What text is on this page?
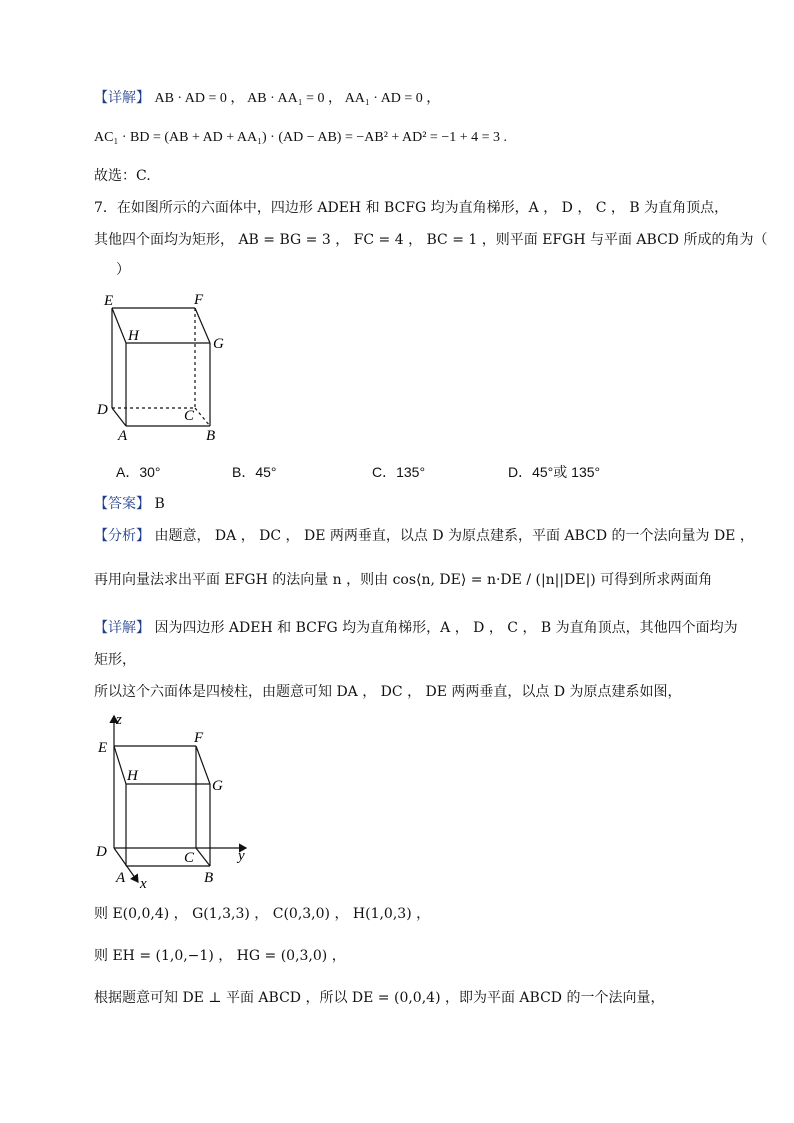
【详解】 AB · AD = 0 ， AB · AA₁ = 0 ， AA₁ · AD = 0 ，
AC₁ · BD = (AB + AD + AA₁) · (AD − AB) = −AB² + AD² = −1 + 4 = 3 .
故选：C.
7．在如图所示的六面体中，四边形 ADEH 和 BCFG 均为直角梯形，A ， D ， C ， B 为直角顶点，
其他四个面均为矩形， AB = BG = 3 ， FC = 4 ， BC = 1 ，则平面 EFGH 与平面 ABCD 所成的角为（
）
E	F
H	G
D	C
A	B
A．30°	B．45°	C．135°	D．45°或 135°
【答案】 B
【分析】 由题意， DA ， DC ， DE 两两垂直，以点 D 为原点建系，平面 ABCD 的一个法向量为 DE ，
再用向量法求出平面 EFGH 的法向量 n ，则由 cos⟨n, DE⟩ = n·DE / (|n||DE|) 可得到所求两面角
【详解】 因为四边形 ADEH 和 BCFG 均为直角梯形，A ， D ， C ， B 为直角顶点，其他四个面均为
矩形，
所以这个六面体是四棱柱，由题意可知 DA ， DC ， DE 两两垂直，以点 D 为原点建系如图，
z
E
F
H
G
D	C	y
A x	B
则 E(0,0,4) ， G(1,3,3) ， C(0,3,0) ， H(1,0,3) ，
则 EH = (1,0,−1) ， HG = (0,3,0) ，
根据题意可知 DE ⊥ 平面 ABCD ，所以 DE = (0,0,4) ，即为平面 ABCD 的一个法向量，
